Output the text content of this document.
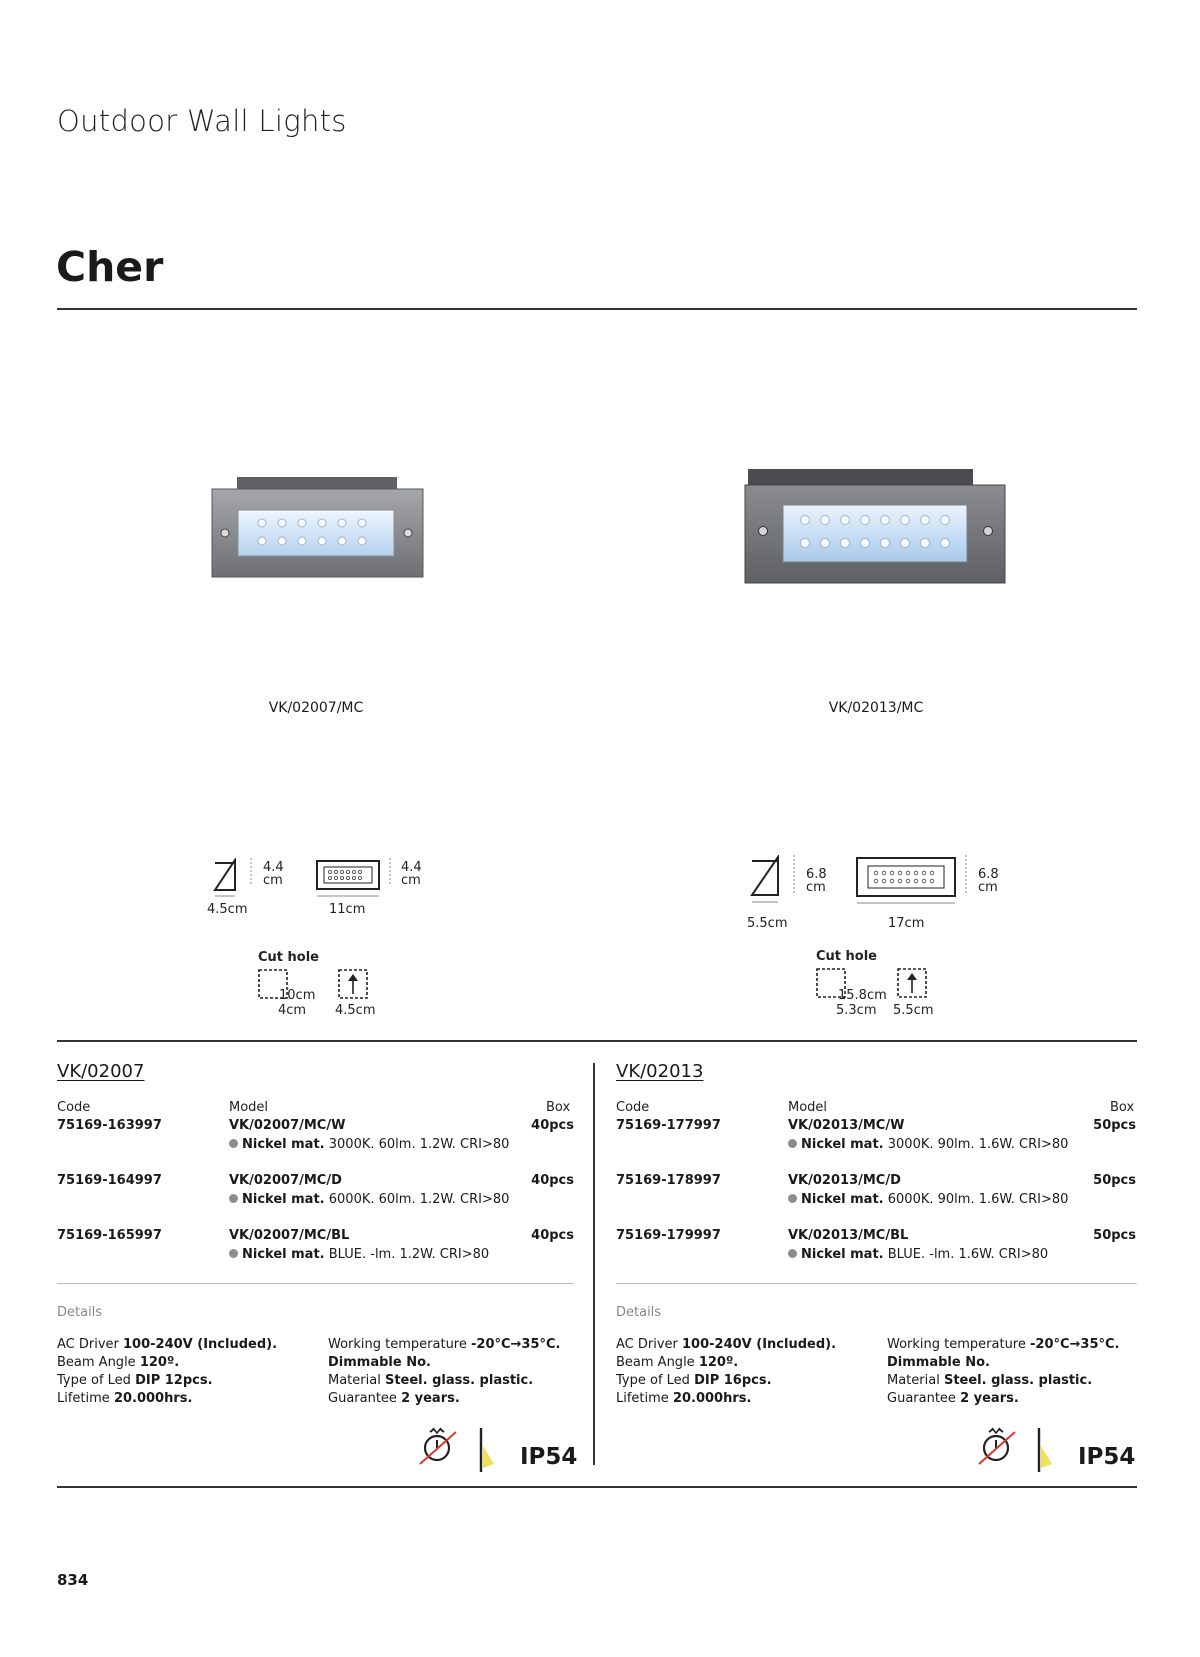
Outdoor Wall Lights
Cher
VK/02007/MC	VK/02013/MC
4.4
cm
4.5cm
4.4
cm
11cm
Cut hole
10cm
4cm 4.5cm
6.8
cm
5.5cm
6.8
cm
17cm
Cut hole
15.8cm
5.3cm 5.5cm
VK/02007
Code	Model	Box
75169-163997	VK/02007/MC/W	40pcs
Nickel mat. 3000K. 60lm. 1.2W. CRI>80
75169-164997	VK/02007/MC/D	40pcs
Nickel mat. 6000K. 60lm. 1.2W. CRI>80
75169-165997	VK/02007/MC/BL	40pcs
Nickel mat. BLUE. -lm. 1.2W. CRI>80
Details
AC Driver 100-240V (Included).
Beam Angle 120º.
Type of Led DIP 12pcs.
Lifetime 20.000hrs.
Working temperature -20°C→35°C.
Dimmable No.
Material Steel. glass. plastic.
Guarantee 2 years.
IP54
VK/02013
Code	Model	Box
75169-177997	VK/02013/MC/W	50pcs
Nickel mat. 3000K. 90lm. 1.6W. CRI>80
75169-178997	VK/02013/MC/D	50pcs
Nickel mat. 6000K. 90lm. 1.6W. CRI>80
75169-179997	VK/02013/MC/BL	50pcs
Nickel mat. BLUE. -lm. 1.6W. CRI>80
Details
AC Driver 100-240V (Included).
Beam Angle 120º.
Type of Led DIP 16pcs.
Lifetime 20.000hrs.
Working temperature -20°C→35°C.
Dimmable No.
Material Steel. glass. plastic.
Guarantee 2 years.
IP54
834
